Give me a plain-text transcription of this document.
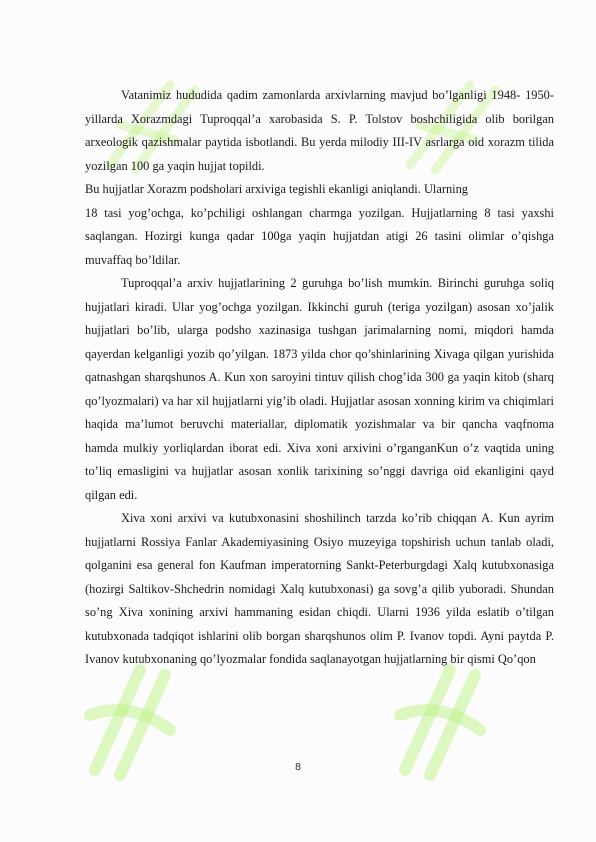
Vatanimiz hududida qadim zamonlarda arxivlarning mavjud bo’lganligi 1948- 1950-yillarda Xorazmdagi Tuproqqal’a xarobasida S. P. Tolstov boshchiligida olib borilgan arxeologik qazishmalar paytida isbotlandi. Bu yerda milodiy III-IV asrlarga oid xorazm tilida yozilgan 100 ga yaqin hujjat topildi.

Bu hujjatlar Xorazm podsholari arxiviga tegishli ekanligi aniqlandi. Ularning

18 tasi yog’ochga, ko’pchiligi oshlangan charmga yozilgan. Hujjatlarning 8 tasi yaxshi saqlangan. Hozirgi kunga qadar 100ga yaqin hujjatdan atigi 26 tasini olimlar o’qishga muvaffaq bo’ldilar.

Tuproqqal’a arxiv hujjatlarining 2 guruhga bo’lish mumkin. Birinchi guruhga soliq hujjatlari kiradi. Ular yog’ochga yozilgan. Ikkinchi guruh (teriga yozilgan) asosan xo’jalik hujjatlari bo’lib, ularga podsho xazinasiga tushgan jarimalarning nomi, miqdori hamda qayerdan kelganligi yozib qo’yilgan. 1873 yilda chor qo’shinlarining Xivaga qilgan yurishida qatnashgan sharqshunos A. Kun xon saroyini tintuv qilish chog’ida 300 ga yaqin kitob (sharq qo’lyozmalari) va har xil hujjatlarni yig’ib oladi. Hujjatlar asosan xonning kirim va chiqimlari haqida ma’lumot beruvchi materiallar, diplomatik yozishmalar va bir qancha vaqfnoma hamda mulkiy yorliqlardan iborat edi. Xiva xoni arxivini o’rganganKun o’z vaqtida uning to’liq emasligini va hujjatlar asosan xonlik tarixining so’nggi davriga oid ekanligini qayd qilgan edi.

Xiva xoni arxivi va kutubxonasini shoshilinch tarzda ko’rib chiqqan A. Kun ayrim hujjatlarni Rossiya Fanlar Akademiyasining Osiyo muzeyiga topshirish uchun tanlab oladi, qolganini esa general fon Kaufman imperatorning Sankt-Peterburgdagi Xalq kutubxonasiga (hozirgi Saltikov-Shchedrin nomidagi Xalq kutubxonasi) ga sovg’a qilib yuboradi. Shundan so’ng Xiva xonining arxivi hammaning esidan chiqdi. Ularni 1936 yilda eslatib o’tilgan kutubxonada tadqiqot ishlarini olib borgan sharqshunos olim P. Ivanov topdi. Ayni paytda P. Ivanov kutubxonaning qo’lyozmalar fondida saqlanayotgan hujjatlarning bir qismi Qo’qon

8
